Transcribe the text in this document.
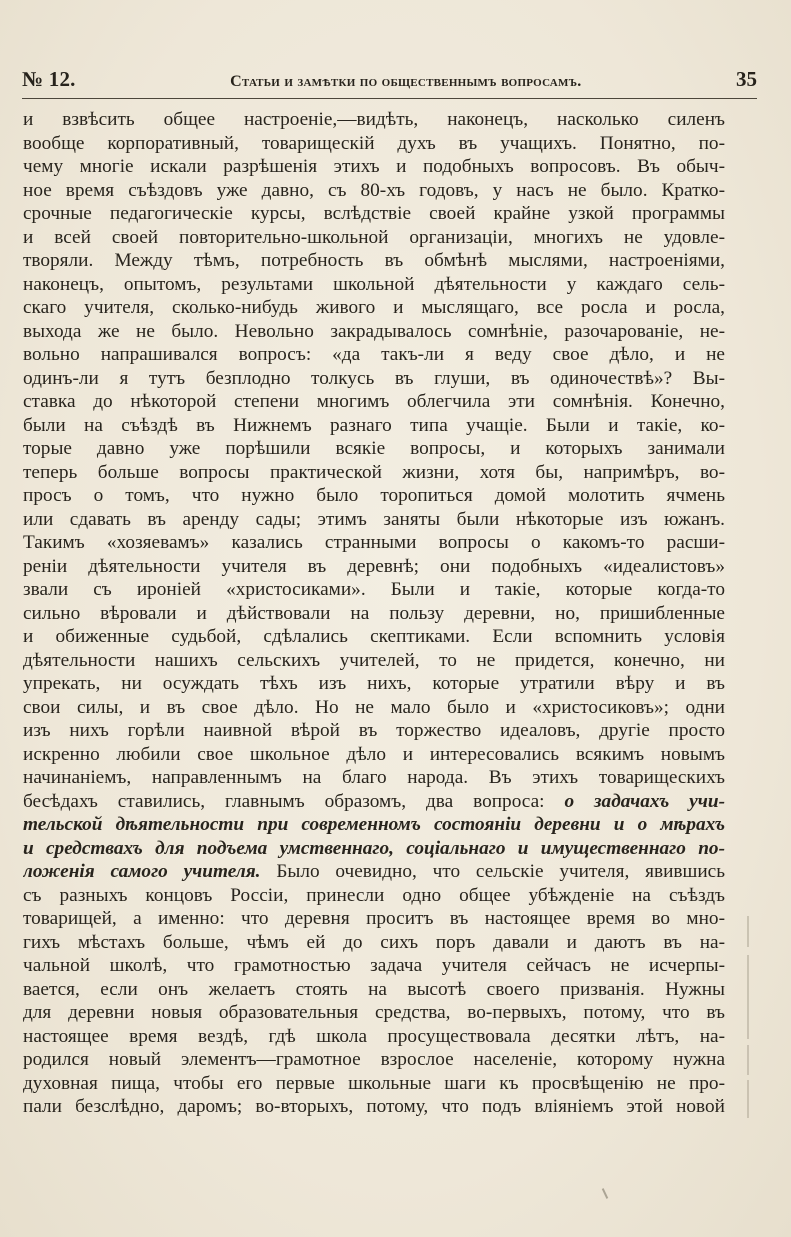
№ 12.	Статьи и замѣтки по общественнымъ вопросамъ.	35
и взвѣсить общее настроеніе,—видѣть, наконецъ, насколько силенъ
вообще корпоративный, товарищескій духъ въ учащихъ. Понятно, по-
чему многіе искали разрѣшенія этихъ и подобныхъ вопросовъ. Въ обыч-
ное время съѣздовъ уже давно, съ 80-хъ годовъ, у насъ не было. Кратко-
срочные педагогическіе курсы, вслѣдствіе своей крайне узкой программы
и всей своей повторительно-школьной организаціи, многихъ не удовле-
творяли. Между тѣмъ, потребность въ обмѣнѣ мыслями, настроеніями,
наконецъ, опытомъ, результами школьной дѣятельности у каждаго сель-
скаго учителя, сколько-нибудь живого и мыслящаго, все росла и росла,
выхода же не было. Невольно закрадывалось сомнѣніе, разочарованіе, не-
вольно напрашивался вопросъ: «да такъ-ли я веду свое дѣло, и не
одинъ-ли я тутъ безплодно толкусь въ глуши, въ одиночествѣ»? Вы-
ставка до нѣкоторой степени многимъ облегчила эти сомнѣнія. Конечно,
были на съѣздѣ въ Нижнемъ разнаго типа учащіе. Были и такіе, ко-
торые давно уже порѣшили всякіе вопросы, и которыхъ занимали
теперь больше вопросы практической жизни, хотя бы, напримѣръ, во-
просъ о томъ, что нужно было торопиться домой молотить ячмень
или сдавать въ аренду сады; этимъ заняты были нѣкоторые изъ южанъ.
Такимъ «хозяевамъ» казались странными вопросы о какомъ-то расши-
реніи дѣятельности учителя въ деревнѣ; они подобныхъ «идеалистовъ»
звали съ ироніей «христосиками». Были и такіе, которые когда-то
сильно вѣровали и дѣйствовали на пользу деревни, но, пришибленные
и обиженные судьбой, сдѣлались скептиками. Если вспомнить условія
дѣятельности нашихъ сельскихъ учителей, то не придется, конечно, ни
упрекать, ни осуждать тѣхъ изъ нихъ, которые утратили вѣру и въ
свои силы, и въ свое дѣло. Но не мало было и «христосиковъ»; одни
изъ нихъ горѣли наивной вѣрой въ торжество идеаловъ, другіе просто
искренно любили свое школьное дѣло и интересовались всякимъ новымъ
начинаніемъ, направленнымъ на благо народа. Въ этихъ товарищескихъ
бесѣдахъ ставились, главнымъ образомъ, два вопроса: о задачахъ учи-
тельской дѣятельности при современномъ состояніи деревни и о мѣрахъ
и средствахъ для подъема умственнаго, соціальнаго и имущественнаго по-
ложенія самого учителя. Было очевидно, что сельскіе учителя, явившись
съ разныхъ концовъ Россіи, принесли одно общее убѣжденіе на съѣздъ
товарищей, а именно: что деревня проситъ въ настоящее время во мно-
гихъ мѣстахъ больше, чѣмъ ей до сихъ поръ давали и даютъ въ на-
чальной школѣ, что грамотностью задача учителя сейчасъ не исчерпы-
вается, если онъ желаетъ стоять на высотѣ своего призванія. Нужны
для деревни новыя образовательныя средства, во-первыхъ, потому, что въ
настоящее время вездѣ, гдѣ школа просуществовала десятки лѣтъ, на-
родился новый элементъ—грамотное взрослое населеніе, которому нужна
духовная пища, чтобы его первые школьные шаги къ просвѣщенію не про-
пали безслѣдно, даромъ; во-вторыхъ, потому, что подъ вліяніемъ этой новой
